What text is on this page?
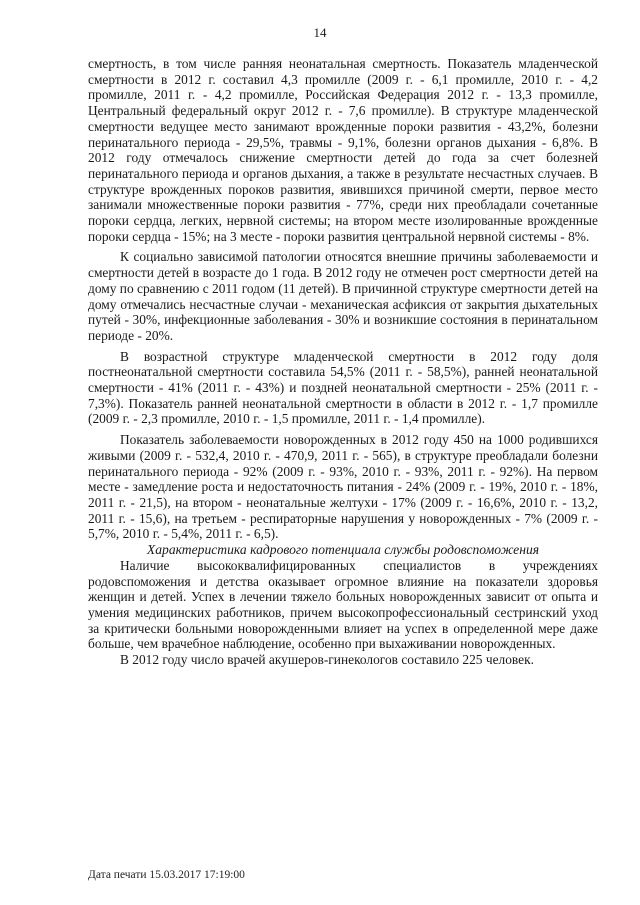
14

смертность, в том числе ранняя неонатальная смертность. Показатель младенческой смертности в 2012 г. составил 4,3 промилле (2009 г. - 6,1 промилле, 2010 г. - 4,2 промилле, 2011 г. - 4,2 промилле, Российская Федерация 2012 г. - 13,3 промилле, Центральный федеральный округ 2012 г. - 7,6 промилле). В структуре младенческой смертности ведущее место занимают врожденные пороки развития - 43,2%, болезни перинатального периода - 29,5%, травмы - 9,1%, болезни органов дыхания - 6,8%. В 2012 году отмечалось снижение смертности детей до года за счет болезней перинатального периода и органов дыхания, а также в результате несчастных случаев. В структуре врожденных пороков развития, явившихся причиной смерти, первое место занимали множественные пороки развития - 77%, среди них преобладали сочетанные пороки сердца, легких, нервной системы; на втором месте изолированные врожденные пороки сердца - 15%; на 3 месте - пороки развития центральной нервной системы - 8%.

К социально зависимой патологии относятся внешние причины заболеваемости и смертности детей в возрасте до 1 года. В 2012 году не отмечен рост смертности детей на дому по сравнению с 2011 годом (11 детей). В причинной структуре смертности детей на дому отмечались несчастные случаи - механическая асфиксия от закрытия дыхательных путей - 30%, инфекционные заболевания - 30% и возникшие состояния в перинатальном периоде - 20%.

В возрастной структуре младенческой смертности в 2012 году доля постнеонатальной смертности составила 54,5% (2011 г. - 58,5%), ранней неонатальной смертности - 41% (2011 г. - 43%) и поздней неонатальной смертности - 25% (2011 г. - 7,3%). Показатель ранней неонатальной смертности в области в 2012 г. - 1,7 промилле (2009 г. - 2,3 промилле, 2010 г. - 1,5 промилле, 2011 г. - 1,4 промилле).

Показатель заболеваемости новорожденных в 2012 году 450 на 1000 родившихся живыми (2009 г. - 532,4, 2010 г. - 470,9, 2011 г. - 565), в структуре преобладали болезни перинатального периода - 92% (2009 г. - 93%, 2010 г. - 93%, 2011 г. - 92%). На первом месте - замедление роста и недостаточность питания - 24% (2009 г. - 19%, 2010 г. - 18%, 2011 г. - 21,5), на втором - неонатальные желтухи - 17% (2009 г. - 16,6%, 2010 г. - 13,2, 2011 г. - 15,6), на третьем - респираторные нарушения у новорожденных - 7% (2009 г. - 5,7%, 2010 г. - 5,4%, 2011 г. - 6,5).

Характеристика кадрового потенциала службы родовспоможения

Наличие высококвалифицированных специалистов в учреждениях родовспоможения и детства оказывает огромное влияние на показатели здоровья женщин и детей. Успех в лечении тяжело больных новорожденных зависит от опыта и умения медицинских работников, причем высокопрофессиональный сестринский уход за критически больными новорожденными влияет на успех в определенной мере даже больше, чем врачебное наблюдение, особенно при выхаживании новорожденных.

В 2012 году число врачей акушеров-гинекологов составило 225 человек.

Дата печати 15.03.2017 17:19:00
